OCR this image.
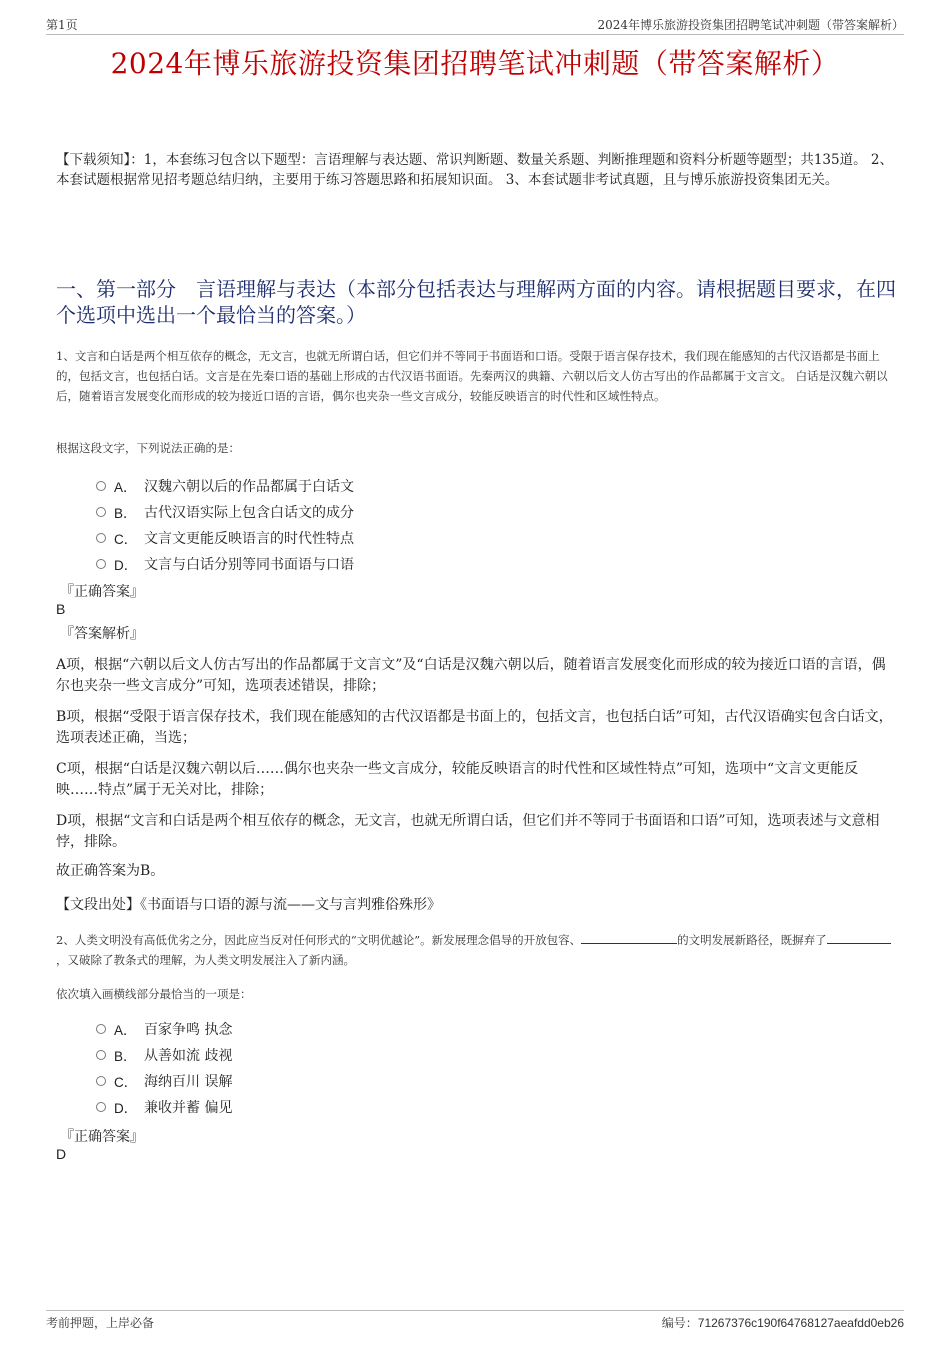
第1页	2024年博乐旅游投资集团招聘笔试冲刺题（带答案解析）
2024年博乐旅游投资集团招聘笔试冲刺题（带答案解析）
【下载须知】：1，本套练习包含以下题型：言语理解与表达题、常识判断题、数量关系题、判断推理题和资料分析题等题型；共135道。 2、本套试题根据常见招考题总结归纳，主要用于练习答题思路和拓展知识面。 3、本套试题非考试真题，且与博乐旅游投资集团无关。
一、第一部分　言语理解与表达（本部分包括表达与理解两方面的内容。请根据题目要求，在四个选项中选出一个最恰当的答案。）
1、文言和白话是两个相互依存的概念，无文言，也就无所谓白话，但它们并不等同于书面语和口语。受限于语言保存技术，我们现在能感知的古代汉语都是书面上的，包括文言，也包括白话。文言是在先秦口语的基础上形成的古代汉语书面语。先秦两汉的典籍、六朝以后文人仿古写出的作品都属于文言文。 白话是汉魏六朝以后，随着语言发展变化而形成的较为接近口语的言语，偶尔也夹杂一些文言成分，较能反映语言的时代性和区域性特点。
根据这段文字，下列说法正确的是：
A． 汉魏六朝以后的作品都属于白话文
B． 古代汉语实际上包含白话文的成分
C． 文言文更能反映语言的时代性特点
D． 文言与白话分别等同书面语与口语
『正确答案』
B
『答案解析』
A项，根据“六朝以后文人仿古写出的作品都属于文言文”及“白话是汉魏六朝以后，随着语言发展变化而形成的较为接近口语的言语，偶尔也夹杂一些文言成分”可知，选项表述错误，排除；
B项，根据“受限于语言保存技术，我们现在能感知的古代汉语都是书面上的，包括文言，也包括白话”可知，古代汉语确实包含白话文，选项表述正确，当选；
C项，根据“白话是汉魏六朝以后……偶尔也夹杂一些文言成分，较能反映语言的时代性和区域性特点”可知，选项中“文言文更能反映……特点”属于无关对比，排除；
D项，根据“文言和白话是两个相互依存的概念，无文言，也就无所谓白话，但它们并不等同于书面语和口语”可知，选项表述与文意相悖，排除。
故正确答案为B。
【文段出处】《书面语与口语的源与流——文与言判雅俗殊形》
2、人类文明没有高低优劣之分，因此应当反对任何形式的“文明优越论”。新发展理念倡导的开放包容、	的文明发展新路径，既摒弃了，又破除了教条式的理解，为人类文明发展注入了新内涵。
依次填入画横线部分最恰当的一项是：
A． 百家争鸣 执念
B． 从善如流 歧视
C． 海纳百川 误解
D． 兼收并蓄 偏见
『正确答案』
D
考前押题，上岸必备	编号：71267376c190f64768127aeafdd0eb26
